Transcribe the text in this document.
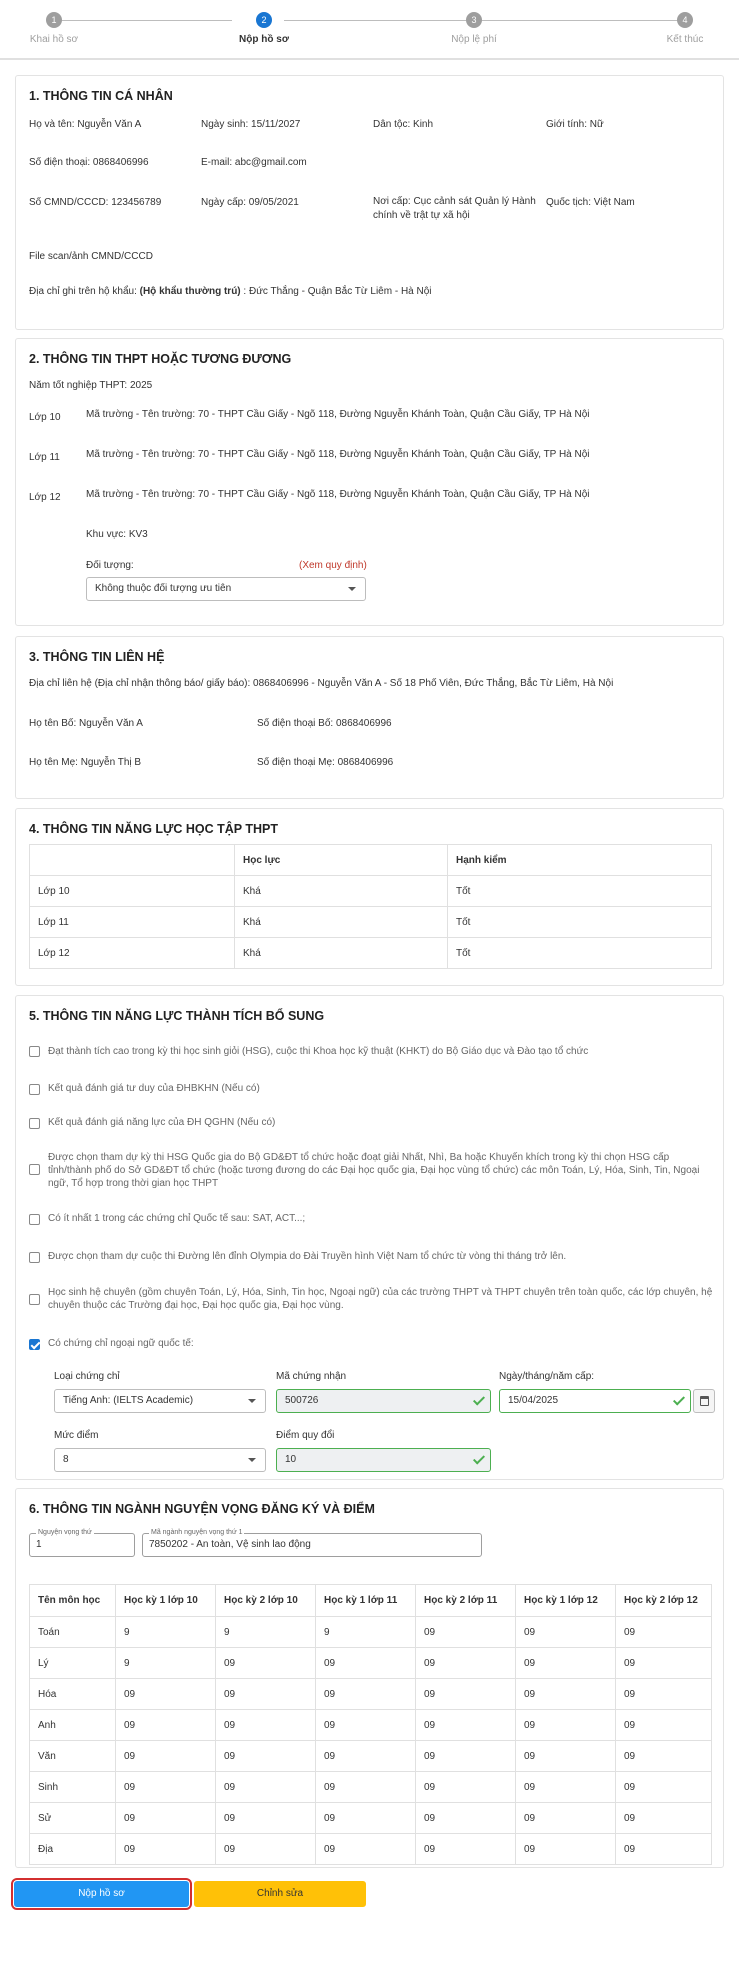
1
Khai hồ sơ
2
Nộp hồ sơ
3
Nộp lệ phí
4
Kết thúc
1. THÔNG TIN CÁ NHÂN
Họ và tên: Nguyễn Văn A	Ngày sinh: 15/11/2027	Dân tộc: Kinh	Giới tính: Nữ
Số điện thoại: 0868406996	E-mail: abc@gmail.com
Số CMND/CCCD: 123456789	Ngày cấp: 09/05/2021	Nơi cấp: Cục cảnh sát Quản lý Hành chính về trật tự xã hội
Quốc tịch: Việt Nam
File scan/ảnh CMND/CCCD
Địa chỉ ghi trên hộ khẩu: (Hộ khẩu thường trú) : Đức Thắng - Quận Bắc Từ Liêm - Hà Nội
2. THÔNG TIN THPT HOẶC TƯƠNG ĐƯƠNG
Năm tốt nghiệp THPT: 2025
Lớp 10	Mã trường - Tên trường: 70 - THPT Cầu Giấy - Ngõ 118, Đường Nguyễn Khánh Toàn, Quận Cầu Giấy, TP Hà Nội
Lớp 11	Mã trường - Tên trường: 70 - THPT Cầu Giấy - Ngõ 118, Đường Nguyễn Khánh Toàn, Quận Cầu Giấy, TP Hà Nội
Lớp 12	Mã trường - Tên trường: 70 - THPT Cầu Giấy - Ngõ 118, Đường Nguyễn Khánh Toàn, Quận Cầu Giấy, TP Hà Nội
Khu vực: KV3
Đối tượng:	(Xem quy định)
Không thuộc đối tượng ưu tiên
3. THÔNG TIN LIÊN HỆ
Địa chỉ liên hệ (Địa chỉ nhận thông báo/ giấy báo): 0868406996 - Nguyễn Văn A - Số 18 Phố Viên, Đức Thắng, Bắc Từ Liêm, Hà Nội
Họ tên Bố: Nguyễn Văn A	Số điện thoại Bố: 0868406996
Họ tên Mẹ: Nguyễn Thị B	Số điện thoại Mẹ: 0868406996
4. THÔNG TIN NĂNG LỰC HỌC TẬP THPT
	Học lực	Hạnh kiểm
Lớp 10	Khá	Tốt
Lớp 11	Khá	Tốt
Lớp 12	Khá	Tốt
5. THÔNG TIN NĂNG LỰC THÀNH TÍCH BỔ SUNG
Đạt thành tích cao trong kỳ thi học sinh giỏi (HSG), cuộc thi Khoa học kỹ thuật (KHKT) do Bộ Giáo dục và Đào tạo tổ chức
Kết quả đánh giá tư duy của ĐHBKHN (Nếu có)
Kết quả đánh giá năng lực của ĐH QGHN (Nếu có)
Được chọn tham dự kỳ thi HSG Quốc gia do Bộ GD&ĐT tổ chức hoặc đoạt giải Nhất, Nhì, Ba hoặc Khuyến khích trong kỳ thi chọn HSG cấp tỉnh/thành phố do Sở GD&ĐT tổ chức (hoặc tương đương do các Đại học quốc gia, Đại học vùng tổ chức) các môn Toán, Lý, Hóa, Sinh, Tin, Ngoại ngữ, Tổ hợp trong thời gian học THPT
Có ít nhất 1 trong các chứng chỉ Quốc tế sau: SAT, ACT...;
Được chọn tham dự cuộc thi Đường lên đỉnh Olympia do Đài Truyền hình Việt Nam tổ chức từ vòng thi tháng trở lên.
Học sinh hệ chuyên (gồm chuyên Toán, Lý, Hóa, Sinh, Tin học, Ngoại ngữ) của các trường THPT và THPT chuyên trên toàn quốc, các lớp chuyên, hệ chuyên thuộc các Trường đại học, Đại học quốc gia, Đại học vùng.
Có chứng chỉ ngoại ngữ quốc tế:
Loại chứng chỉ
Tiếng Anh: (IELTS Academic)
Mã chứng nhận
500726
Ngày/tháng/năm cấp:
15/04/2025
Mức điểm
8
Điểm quy đổi
10
6. THÔNG TIN NGÀNH NGUYỆN VỌNG ĐĂNG KÝ VÀ ĐIỂM
Nguyện vọng thứ
1
Mã ngành nguyện vọng thứ 1
7850202 - An toàn, Vệ sinh lao động
Tên môn học	Học kỳ 1 lớp 10	Học kỳ 2 lớp 10	Học kỳ 1 lớp 11	Học kỳ 2 lớp 11	Học kỳ 1 lớp 12	Học kỳ 2 lớp 12
Toán	9	9	9	09	09	09
Lý	9	09	09	09	09	09
Hóa	09	09	09	09	09	09
Anh	09	09	09	09	09	09
Văn	09	09	09	09	09	09
Sinh	09	09	09	09	09	09
Sử	09	09	09	09	09	09
Địa	09	09	09	09	09	09
Nộp hồ sơ	Chỉnh sửa
